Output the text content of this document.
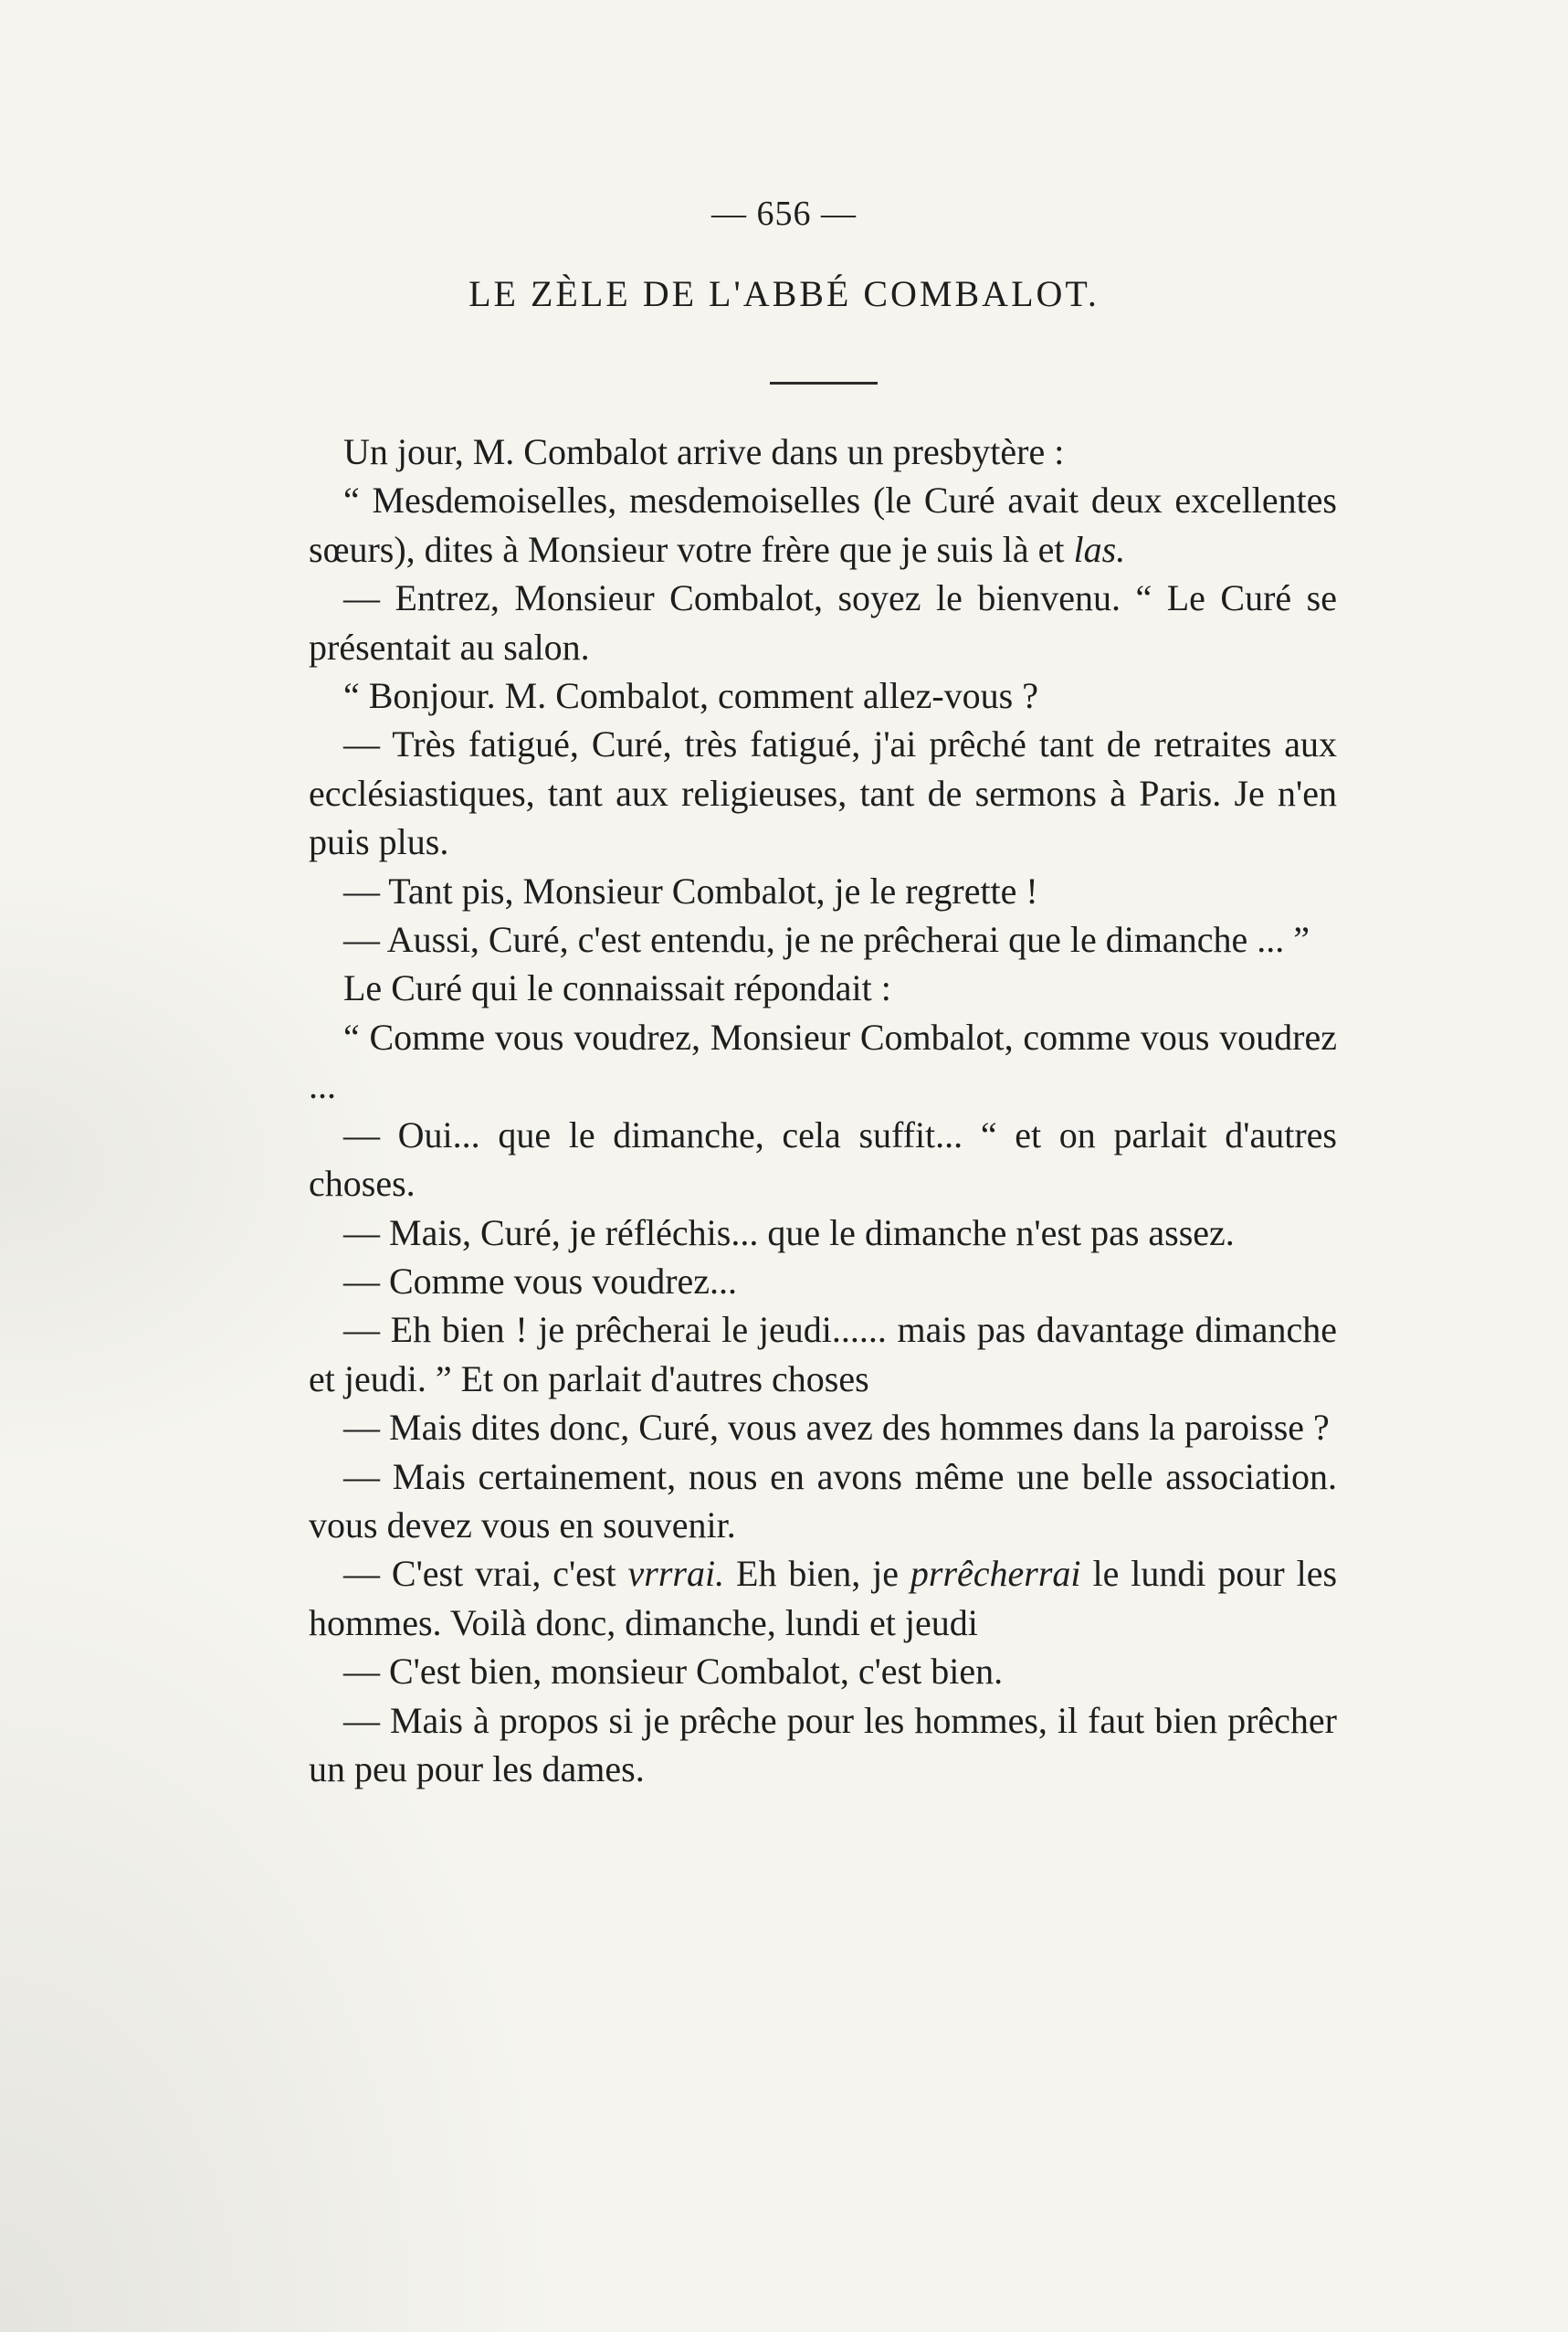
— 656 —
LE ZÈLE DE L'ABBÉ COMBALOT.

Un jour, M. Combalot arrive dans un presbytère :

“ Mesdemoiselles, mesdemoiselles (le Curé avait deux excellentes sœurs), dites à Monsieur votre frère que je suis là et las.

— Entrez, Monsieur Combalot, soyez le bienvenu. “ Le Curé se présentait au salon.

“ Bonjour. M. Combalot, comment allez-vous ?

— Très fatigué, Curé, très fatigué, j'ai prêché tant de retraites aux ecclésiastiques, tant aux religieuses, tant de sermons à Paris. Je n'en puis plus.

— Tant pis, Monsieur Combalot, je le regrette !

— Aussi, Curé, c'est entendu, je ne prêcherai que le dimanche ... ”

Le Curé qui le connaissait répondait :

“ Comme vous voudrez, Monsieur Combalot, comme vous voudrez ...

— Oui... que le dimanche, cela suffit... “ et on parlait d'autres choses.

— Mais, Curé, je réfléchis... que le dimanche n'est pas assez.

— Comme vous voudrez...

— Eh bien ! je prêcherai le jeudi...... mais pas davantage dimanche et jeudi. ” Et on parlait d'autres choses

— Mais dites donc, Curé, vous avez des hommes dans la paroisse ?

— Mais certainement, nous en avons même une belle association. vous devez vous en souvenir.

— C'est vrai, c'est vrrrai. Eh bien, je prrêcherrai le lundi pour les hommes. Voilà donc, dimanche, lundi et jeudi

— C'est bien, monsieur Combalot, c'est bien.

— Mais à propos si je prêche pour les hommes, il faut bien prêcher un peu pour les dames.
